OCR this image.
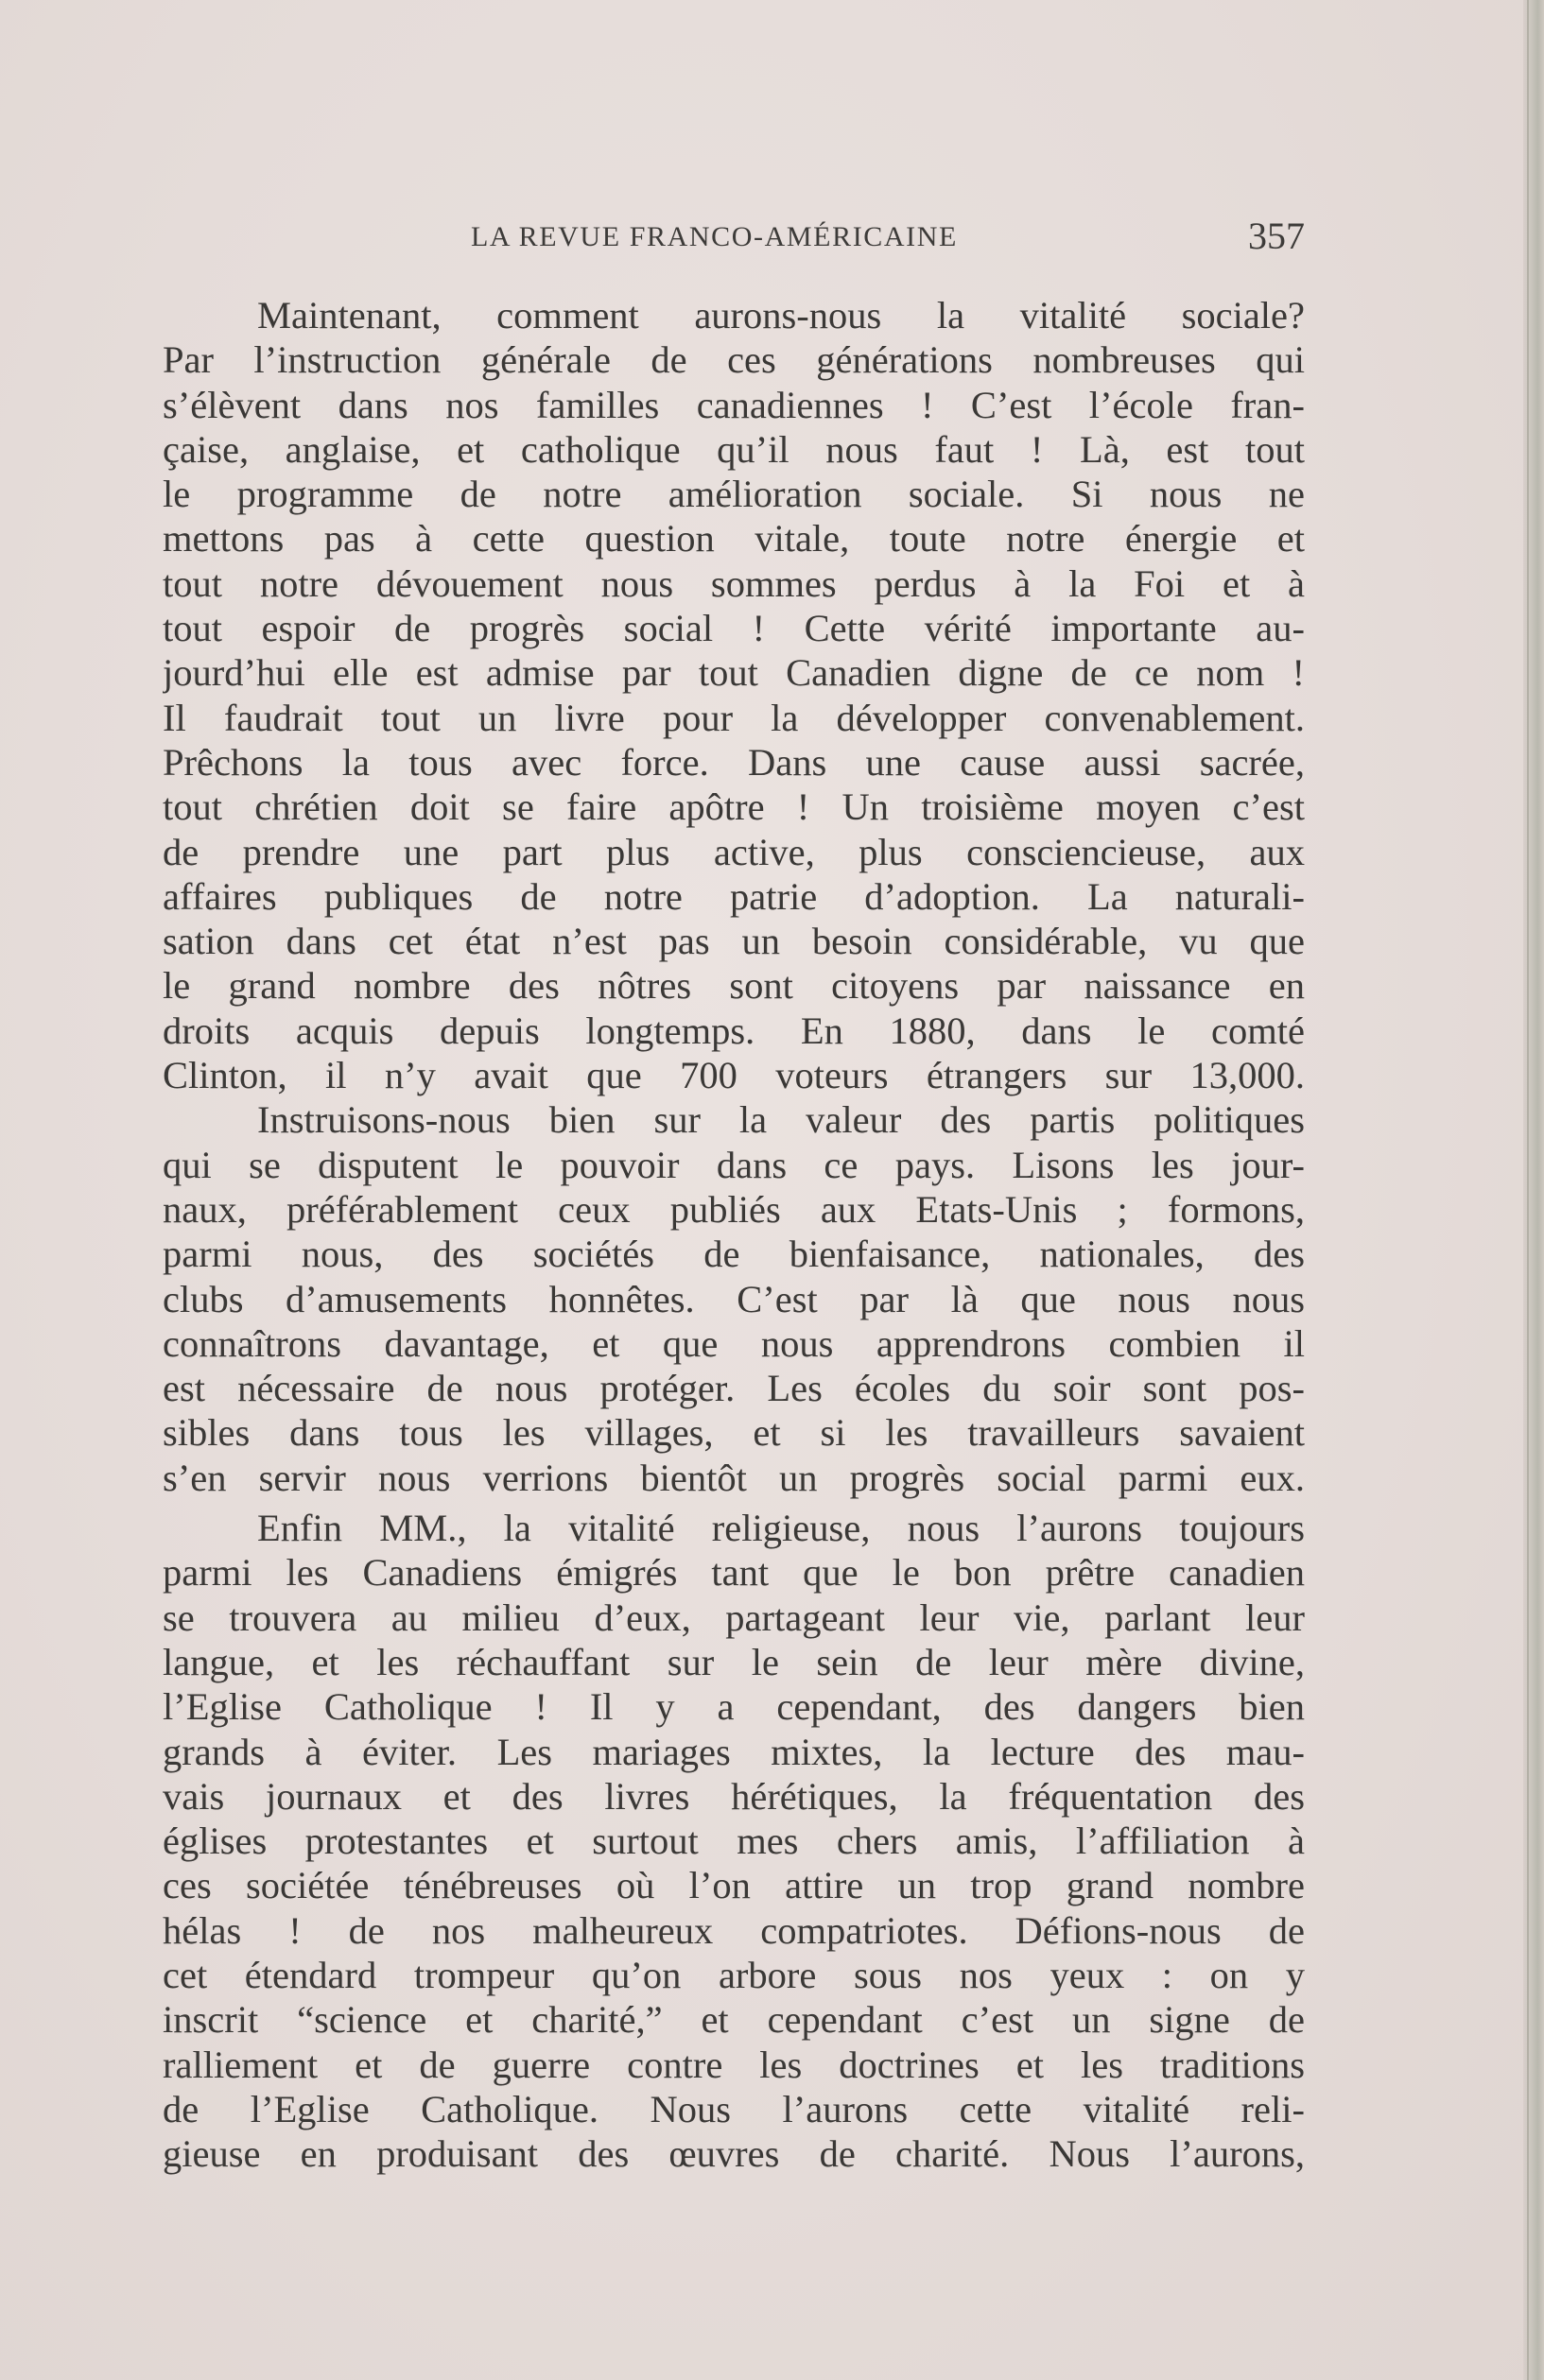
LA REVUE FRANCO-AMÉRICAINE	357
Maintenant, comment aurons-nous la vitalité sociale?
Par l’instruction générale de ces générations nombreuses qui
s’élèvent dans nos familles canadiennes ! C’est l’école fran-
çaise, anglaise, et catholique qu’il nous faut ! Là, est tout
le programme de notre amélioration sociale. Si nous ne
mettons pas à cette question vitale, toute notre énergie et
tout notre dévouement nous sommes perdus à la Foi et à
tout espoir de progrès social ! Cette vérité importante au-
jourd’hui elle est admise par tout Canadien digne de ce nom !
Il faudrait tout un livre pour la développer convenablement.
Prêchons la tous avec force. Dans une cause aussi sacrée,
tout chrétien doit se faire apôtre ! Un troisième moyen c’est
de prendre une part plus active, plus consciencieuse, aux
affaires publiques de notre patrie d’adoption. La naturali-
sation dans cet état n’est pas un besoin considérable, vu que
le grand nombre des nôtres sont citoyens par naissance en
droits acquis depuis longtemps. En 1880, dans le comté
Clinton, il n’y avait que 700 voteurs étrangers sur 13,000.
Instruisons-nous bien sur la valeur des partis politiques
qui se disputent le pouvoir dans ce pays. Lisons les jour-
naux, préférablement ceux publiés aux Etats-Unis ; formons,
parmi nous, des sociétés de bienfaisance, nationales, des
clubs d’amusements honnêtes. C’est par là que nous nous
connaîtrons davantage, et que nous apprendrons combien il
est nécessaire de nous protéger. Les écoles du soir sont pos-
sibles dans tous les villages, et si les travailleurs savaient
s’en servir nous verrions bientôt un progrès social parmi eux.
Enfin MM., la vitalité religieuse, nous l’aurons toujours
parmi les Canadiens émigrés tant que le bon prêtre canadien
se trouvera au milieu d’eux, partageant leur vie, parlant leur
langue, et les réchauffant sur le sein de leur mère divine,
l’Eglise Catholique ! Il y a cependant, des dangers bien
grands à éviter. Les mariages mixtes, la lecture des mau-
vais journaux et des livres hérétiques, la fréquentation des
églises protestantes et surtout mes chers amis, l’affiliation à
ces sociétée ténébreuses où l’on attire un trop grand nombre
hélas ! de nos malheureux compatriotes. Défions-nous de
cet étendard trompeur qu’on arbore sous nos yeux : on y
inscrit “science et charité,” et cependant c’est un signe de
ralliement et de guerre contre les doctrines et les traditions
de l’Eglise Catholique. Nous l’aurons cette vitalité reli-
gieuse en produisant des œuvres de charité. Nous l’aurons,
